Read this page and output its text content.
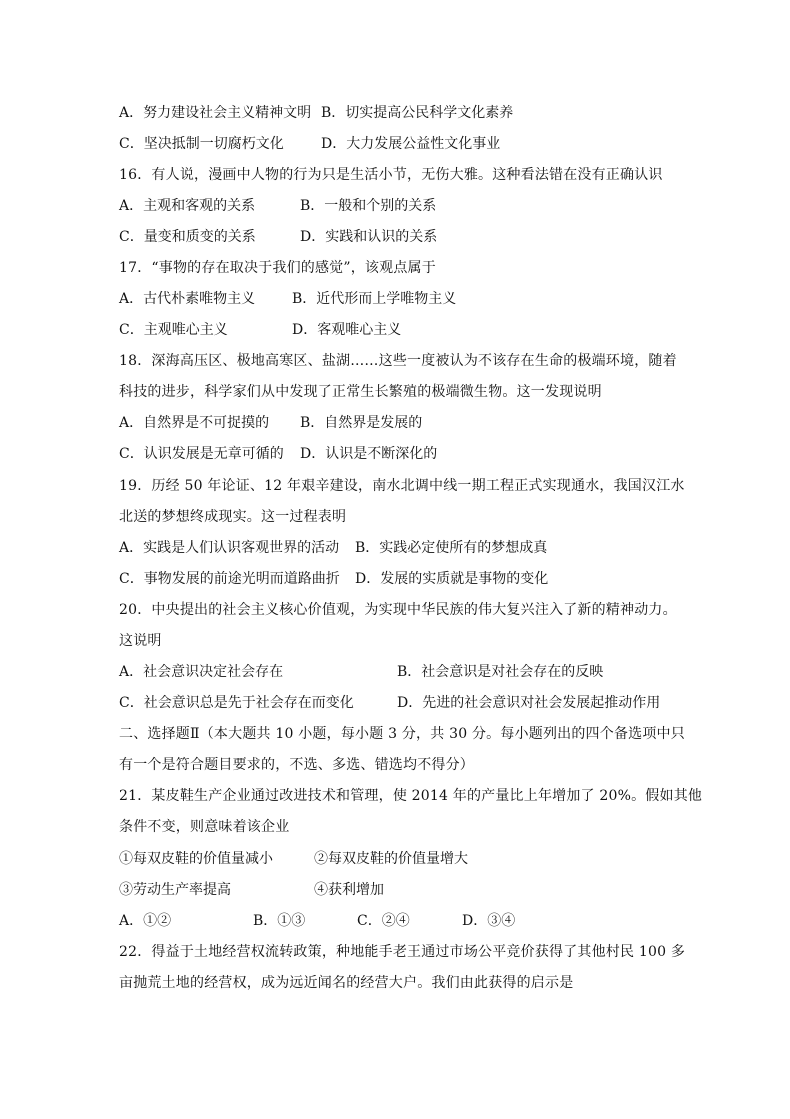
A．努力建设社会主义精神文明 B．切实提高公民科学文化素养
C．坚决抵制一切腐朽文化	D．大力发展公益性文化事业
16．有人说，漫画中人物的行为只是生活小节，无伤大雅。这种看法错在没有正确认识
A．主观和客观的关系	B．一般和个别的关系
C．量变和质变的关系	D．实践和认识的关系
17．“事物的存在取决于我们的感觉”，该观点属于
A．古代朴素唯物主义	B．近代形而上学唯物主义
C．主观唯心主义	D．客观唯心主义
18．深海高压区、极地高寒区、盐湖……这些一度被认为不该存在生命的极端环境，随着
科技的进步，科学家们从中发现了正常生长繁殖的极端微生物。这一发现说明
A．自然界是不可捉摸的 B．自然界是发展的
C．认识发展是无章可循的 D．认识是不断深化的
19．历经 50 年论证、12 年艰辛建设，南水北调中线一期工程正式实现通水，我国汉江水
北送的梦想终成现实。这一过程表明
A．实践是人们认识客观世界的活动 B．实践必定使所有的梦想成真
C．事物发展的前途光明而道路曲折 D．发展的实质就是事物的变化
20．中央提出的社会主义核心价值观，为实现中华民族的伟大复兴注入了新的精神动力。
这说明
A．社会意识决定社会存在	B．社会意识是对社会存在的反映
C．社会意识总是先于社会存在而变化	D．先进的社会意识对社会发展起推动作用
二、选择题Ⅱ（本大题共 10 小题，每小题 3 分，共 30 分。每小题列出的四个备选项中只
有一个是符合题目要求的，不选、多选、错选均不得分）
21．某皮鞋生产企业通过改进技术和管理，使 2014 年的产量比上年增加了 20%。假如其他
条件不变，则意味着该企业
①每双皮鞋的价值量减小	②每双皮鞋的价值量增大
③劳动生产率提高	④获利增加
A．①②	B．①③	C．②④	D．③④
22．得益于土地经营权流转政策，种地能手老王通过市场公平竞价获得了其他村民 100 多
亩抛荒土地的经营权，成为远近闻名的经营大户。我们由此获得的启示是
